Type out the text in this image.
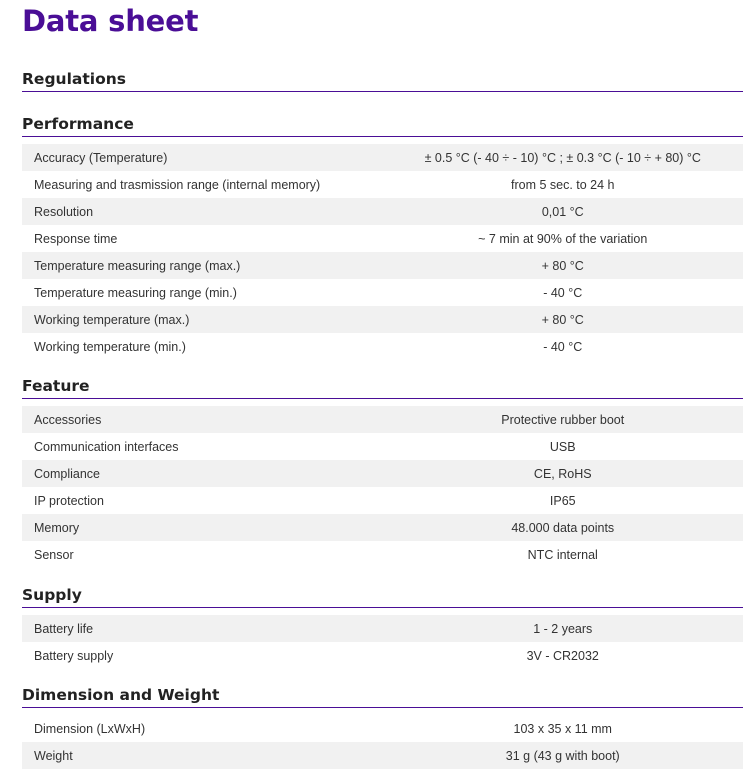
Data sheet
Regulations
Performance
Accuracy (Temperature)	± 0.5 °C (- 40 ÷ - 10) °C ; ± 0.3 °C (- 10 ÷ + 80) °C
Measuring and trasmission range (internal memory)	from 5 sec. to 24 h
Resolution	0,01 °C
Response time	~ 7 min at 90% of the variation
Temperature measuring range (max.)	+ 80 °C
Temperature measuring range (min.)	- 40 °C
Working temperature (max.)	+ 80 °C
Working temperature (min.)	- 40 °C
Feature
Accessories	Protective rubber boot
Communication interfaces	USB
Compliance	CE, RoHS
IP protection	IP65
Memory	48.000 data points
Sensor	NTC internal
Supply
Battery life	1 - 2 years
Battery supply	3V - CR2032
Dimension and Weight
Dimension (LxWxH)	103 x 35 x 11 mm
Weight	31 g (43 g with boot)
